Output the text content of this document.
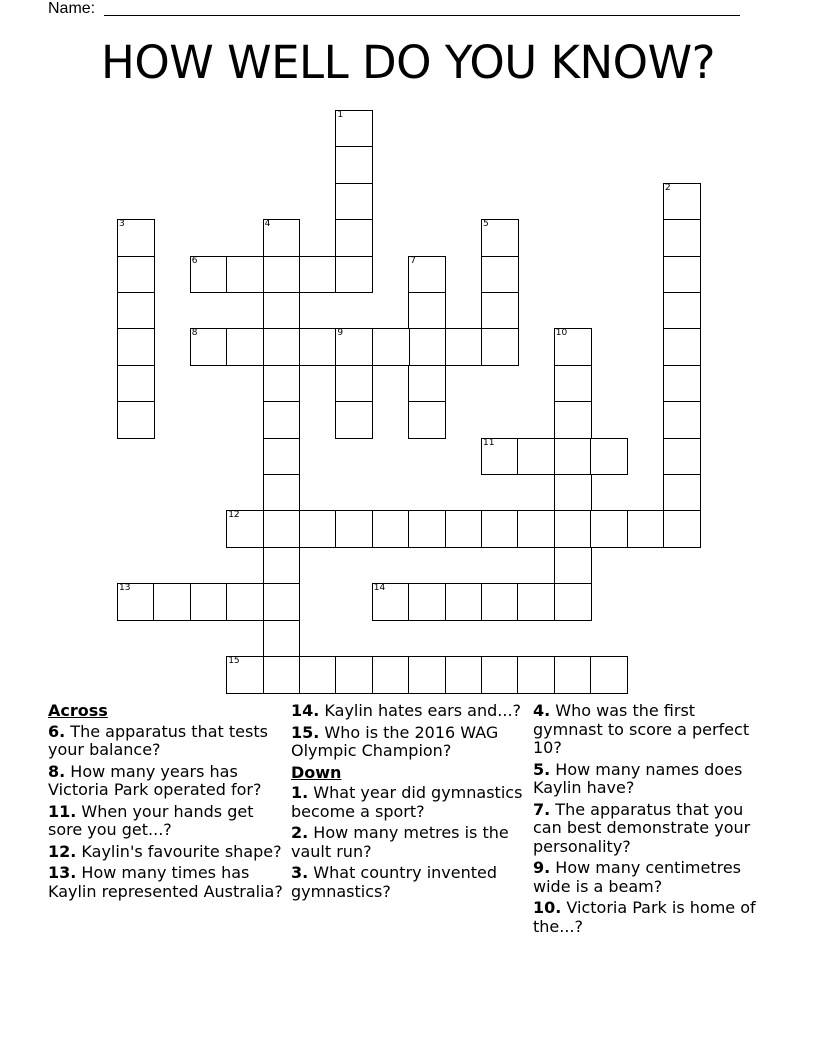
Name:
HOW WELL DO YOU KNOW?
1
2
3	4	5
6	7
8	9	10
11
12
13	14
15
Across
6. The apparatus that tests your balance?
8. How many years has Victoria Park operated for?
11. When your hands get sore you get...?
12. Kaylin's favourite shape?
13. How many times has Kaylin represented Australia?
14. Kaylin hates ears and...?
15. Who is the 2016 WAG Olympic Champion?
Down
1. What year did gymnastics become a sport?
2. How many metres is the vault run?
3. What country invented gymnastics?
4. Who was the first gymnast to score a perfect 10?
5. How many names does Kaylin have?
7. The apparatus that you can best demonstrate your personality?
9. How many centimetres wide is a beam?
10. Victoria Park is home of the...?
